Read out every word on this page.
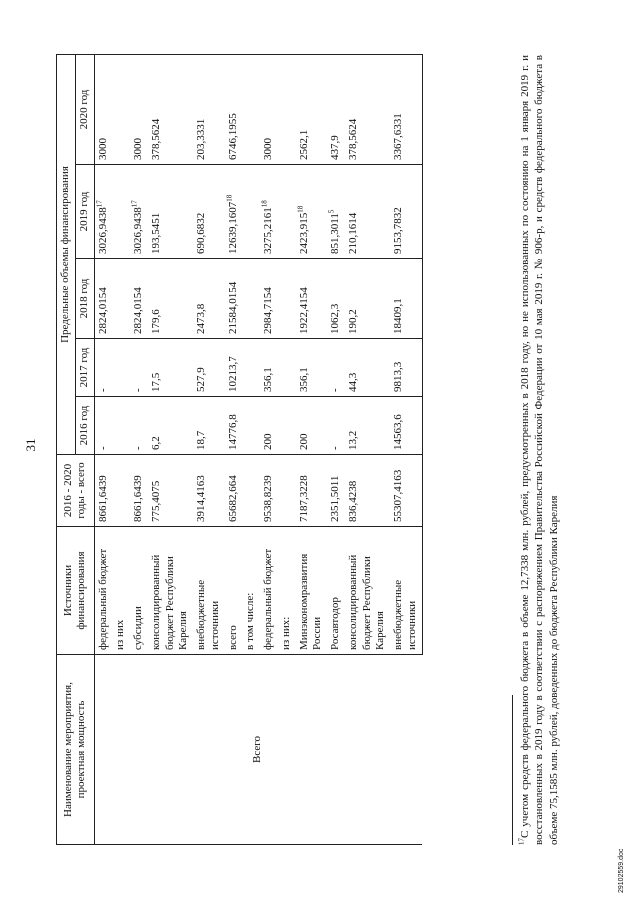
31
Наименование мероприятия, проектная мощность	Источники финансирования	2016 - 2020 годы - всего	Предельные объемы финансирования				
			2016 год	2017 год	2018 год	2019 год	2020 год
Всего	федеральный бюджет	8661,6439	-	-	2824,0154	3026,9438$^{17}$	3000
	из них						
	субсидии	8661,6439	-	-	2824,0154	3026,9438$^{17}$	3000
	консолидированный бюджет Республики Карелия	775,4075	6,2	17,5	179,6	193,5451	378,5624
	внебюджетные источники	3914,4163	18,7	527,9	2473,8	690,6832	203,3331
	всего	65682,664	14776,8	10213,7	21584,0154	12639,1607$^{18}$	6746,1955
	в том числе:						
	федеральный бюджет	9538,8239	200	356,1	2984,7154	3275,2161$^{18}$	3000
	из них:						
	Минэкономразвития России	7187,3228	200	356,1	1922,4154	2423,915$^{18}$	2562,1
	Росавтодор	2351,5011	-	-	1062,3	851,3011$^5$	437,9
	консолидированный бюджет Республики Карелия	836,4238	13,2	44,3	190,2	210,1614	378,5624
	внебюджетные источники	55307,4163	14563,6	9813,3	18409,1	9153,7832	3367,6331
$^{17}$С учетом средств федерального бюджета в объеме 12,7338 млн. рублей, предусмотренных в 2018 году, но не использованных по состоянию на 1 января 2019 г. и восстановленных в 2019 году в соответствии с распоряжением Правительства Российской Федерации от 10 мая 2019 г. № 906-р, и средств федерального бюджета в объеме 75,1585 млн. рублей, доведенных до бюджета Республики Карелия
29102559.doc
